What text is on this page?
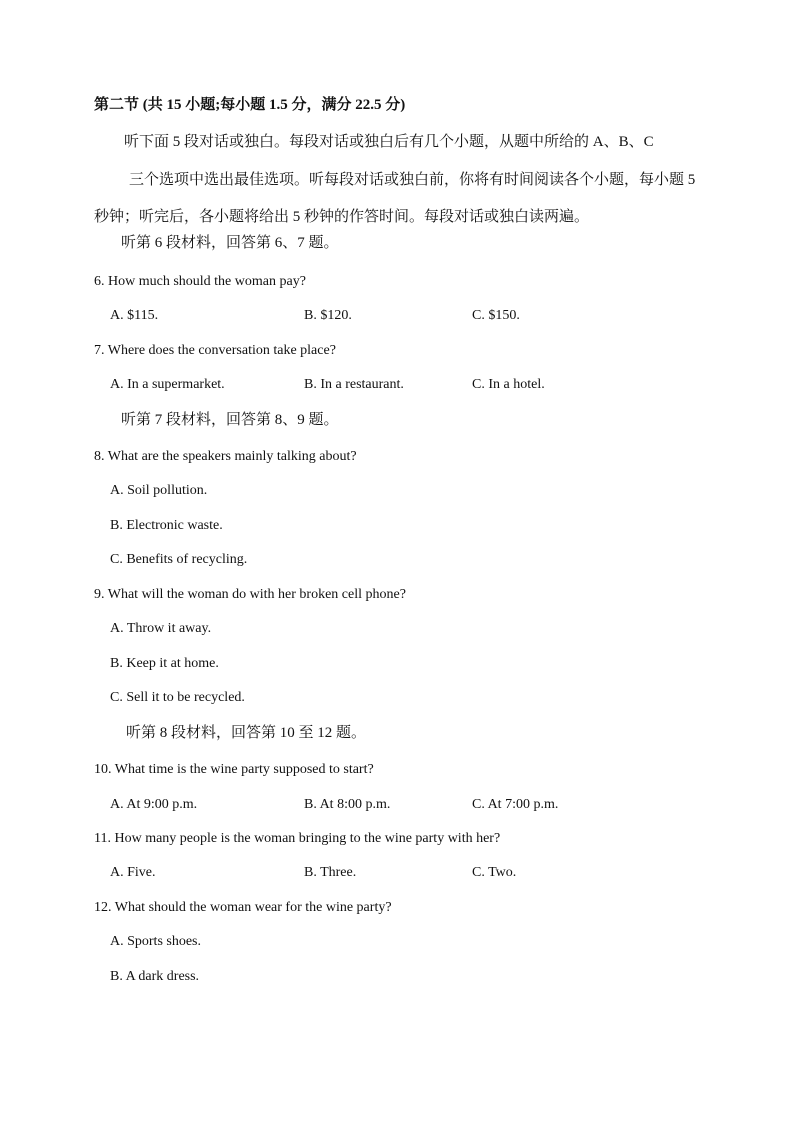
第二节 (共 15 小题;每小题 1.5 分，满分 22.5 分)
听下面 5 段对话或独白。每段对话或独白后有几个小题，从题中所给的 A、B、C
三个选项中选出最佳选项。听每段对话或独白前，你将有时间阅读各个小题，每小题 5
秒钟；听完后，各小题将给出 5 秒钟的作答时间。每段对话或独白读两遍。
听第 6 段材料，回答第 6、7 题。
6. How much should the woman pay?
A. $115.	B. $120.	C. $150.
7. Where does the conversation take place?
A. In a supermarket.	B. In a restaurant.	C. In a hotel.
听第 7 段材料，回答第 8、9 题。
8. What are the speakers mainly talking about?
A. Soil pollution.
B. Electronic waste.
C. Benefits of recycling.
9. What will the woman do with her broken cell phone?
A. Throw it away.
B. Keep it at home.
C. Sell it to be recycled.
听第 8 段材料，回答第 10 至 12 题。
10. What time is the wine party supposed to start?
A. At 9:00 p.m.	B. At 8:00 p.m.	C. At 7:00 p.m.
11. How many people is the woman bringing to the wine party with her?
A. Five.	B. Three.	C. Two.
12. What should the woman wear for the wine party?
A. Sports shoes.
B. A dark dress.
